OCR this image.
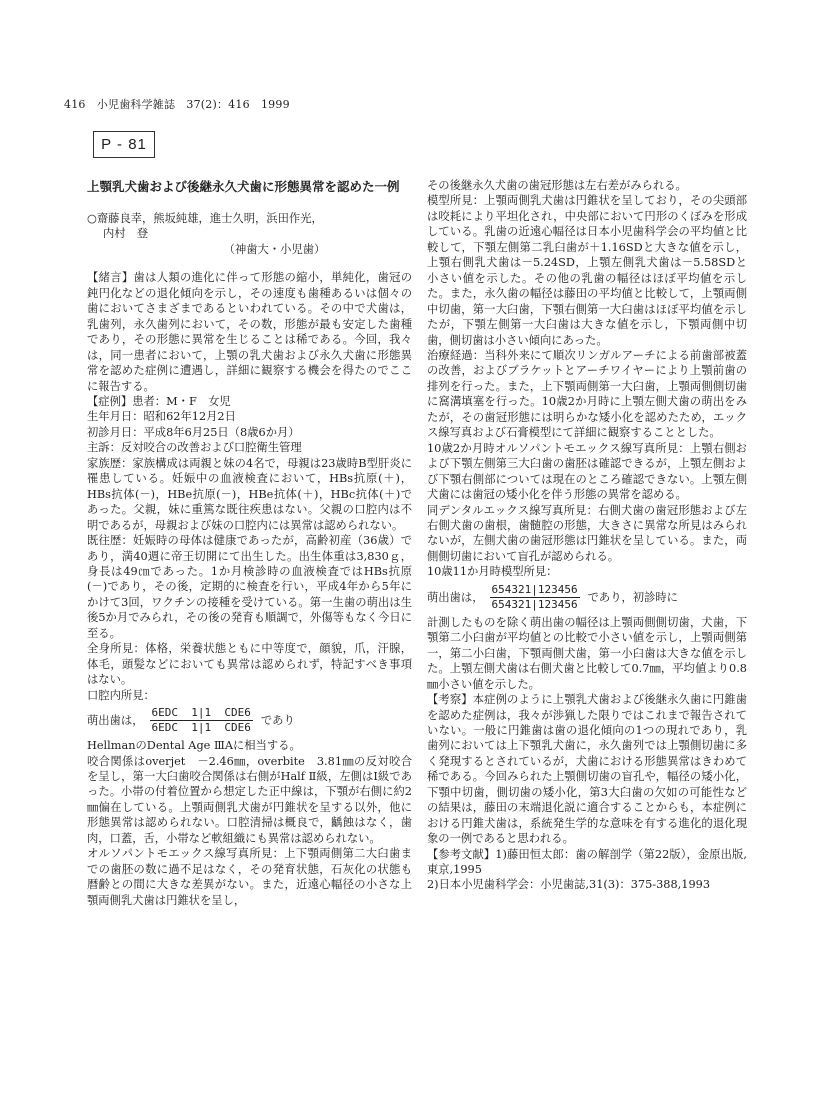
416　小児歯科学雑誌　37(2)：416　1999
P - 81
上顎乳犬歯および後継永久犬歯に形態異常を認めた一例
○齋藤良幸，熊坂純雄，進士久明，浜田作光，
内村　登
（神歯大・小児歯）

【緒言】歯は人類の進化に伴って形態の縮小，単純化，歯冠の鈍円化などの退化傾向を示し，その速度も歯種あるいは個々の歯においてさまざまであるといわれている。その中で犬歯は，乳歯列，永久歯列において，その数，形態が最も安定した歯種であり，その形態に異常を生じることは稀である。今回，我々は，同一患者において，上顎の乳犬歯および永久犬歯に形態異常を認めた症例に遭遇し，詳細に観察する機会を得たのでここに報告する。

【症例】患者：M・F　女児

生年月日：昭和62年12月2日

初診月日：平成8年6月25日（8歳6か月）

主訴：反対咬合の改善および口腔衛生管理

家族歴：家族構成は両親と妹の4名で，母親は23歳時B型肝炎に罹患している。妊娠中の血液検査において，HBs抗原(＋)，HBs抗体(－)，HBe抗原(－)，HBe抗体(＋)，HBc抗体(＋)であった。父親，妹に重篤な既往疾患はない。父親の口腔内は不明であるが，母親および妹の口腔内には異常は認められない。

既往歴：妊娠時の母体は健康であったが，高齢初産（36歳）であり，満40週に帝王切開にて出生した。出生体重は3,830ｇ，身長は49㎝であった。1か月検診時の血液検査ではHBs抗原(－)であり，その後，定期的に検査を行い，平成4年から5年にかけて3回，ワクチンの接種を受けている。第一生歯の萌出は生後5か月でみられ，その後の発育も順調で，外傷等もなく今日に至る。

全身所見：体格，栄養状態ともに中等度で，顔貌，爪，汗腺，体毛，頭髪などにおいても異常は認められず，特記すべき事項はない。

口腔内所見：

萌出歯は， $\frac{\text{6EDC  1|1  CDE6}}{\text{6EDC  1|1  CDE6}}$ であり

HellmanのDental Age ⅢAに相当する。

咬合関係はoverjet　－2.46㎜，overbite　3.81㎜の反対咬合を呈し，第一大臼歯咬合関係は右側がHalf Ⅱ級，左側はⅠ級であった。小帯の付着位置から想定した正中線は，下顎が右側に約2㎜偏在している。上顎両側乳犬歯が円錐状を呈する以外，他に形態異常は認められない。口腔清掃は概良で，齲蝕はなく，歯肉，口蓋，舌，小帯など軟組織にも異常は認められない。

オルソパントモエックス線写真所見：上下顎両側第二大臼歯までの歯胚の数に過不足はなく，その発育状態，石灰化の状態も暦齢との間に大きな差異がない。また，近遠心幅径の小さな上顎両側乳犬歯は円錐状を呈し，

その後継永久犬歯の歯冠形態は左右差がみられる。

模型所見：上顎両側乳犬歯は円錐状を呈しており，その尖頭部は咬耗により平坦化され，中央部において円形のくぼみを形成している。乳歯の近遠心幅径は日本小児歯科学会の平均値と比較して，下顎左側第二乳臼歯が＋1.16SDと大きな値を示し，上顎右側乳犬歯は－5.24SD，上顎左側乳犬歯は－5.58SDと小さい値を示した。その他の乳歯の幅径はほぼ平均値を示した。また，永久歯の幅径は藤田の平均値と比較して，上顎両側中切歯，第一大臼歯，下顎右側第一大臼歯はほぼ平均値を示したが，下顎左側第一大臼歯は大きな値を示し，下顎両側中切歯，側切歯は小さい傾向にあった。

治療経過：当科外来にて順次リンガルアーチによる前歯部被蓋の改善，およびブラケットとアーチワイヤーにより上顎前歯の排列を行った。また，上下顎両側第一大臼歯，上顎両側側切歯に窩溝填塞を行った。10歳2か月時に上顎左側犬歯の萌出をみたが，その歯冠形態には明らかな矮小化を認めたため，エックス線写真および石膏模型にて詳細に観察することとした。

10歳2か月時オルソパントモエックス線写真所見：上顎右側および下顎左側第三大臼歯の歯胚は確認できるが，上顎左側および下顎右側部については現在のところ確認できない。上顎左側犬歯には歯冠の矮小化を伴う形態の異常を認める。

同デンタルエックス線写真所見：右側犬歯の歯冠形態および左右側犬歯の歯根，歯髄腔の形態，大きさに異常な所見はみられないが，左側犬歯の歯冠形態は円錐状を呈している。また，両側側切歯において盲孔が認められる。

10歳11か月時模型所見：

萌出歯は， $\frac{654321|123456}{654321|123456}$ であり，初診時に

計測したものを除く萌出歯の幅径は上顎両側側切歯，犬歯，下顎第二小臼歯が平均値との比較で小さい値を示し，上顎両側第一，第二小臼歯，下顎両側犬歯，第一小臼歯は大きな値を示した。上顎左側犬歯は右側犬歯と比較して0.7㎜，平均値より0.8㎜小さい値を示した。

【考察】本症例のように上顎乳犬歯および後継永久歯に円錐歯を認めた症例は，我々が渉猟した限りではこれまで報告されていない。一般に円錐歯は歯の退化傾向の1つの現れであり，乳歯列においては上下顎乳犬歯に，永久歯列では上顎側切歯に多く発現するとされているが，犬歯における形態異常はきわめて稀である。今回みられた上顎側切歯の盲孔や，幅径の矮小化，下顎中切歯，側切歯の矮小化，第3大臼歯の欠如の可能性などの結果は，藤田の末端退化説に適合することからも，本症例における円錐犬歯は，系統発生学的な意味を有する進化的退化現象の一例であると思われる。

【参考文献】1)藤田恒太郎：歯の解剖学（第22版），金原出版,東京,1995

2)日本小児歯科学会：小児歯誌,31(3)：375-388,1993
